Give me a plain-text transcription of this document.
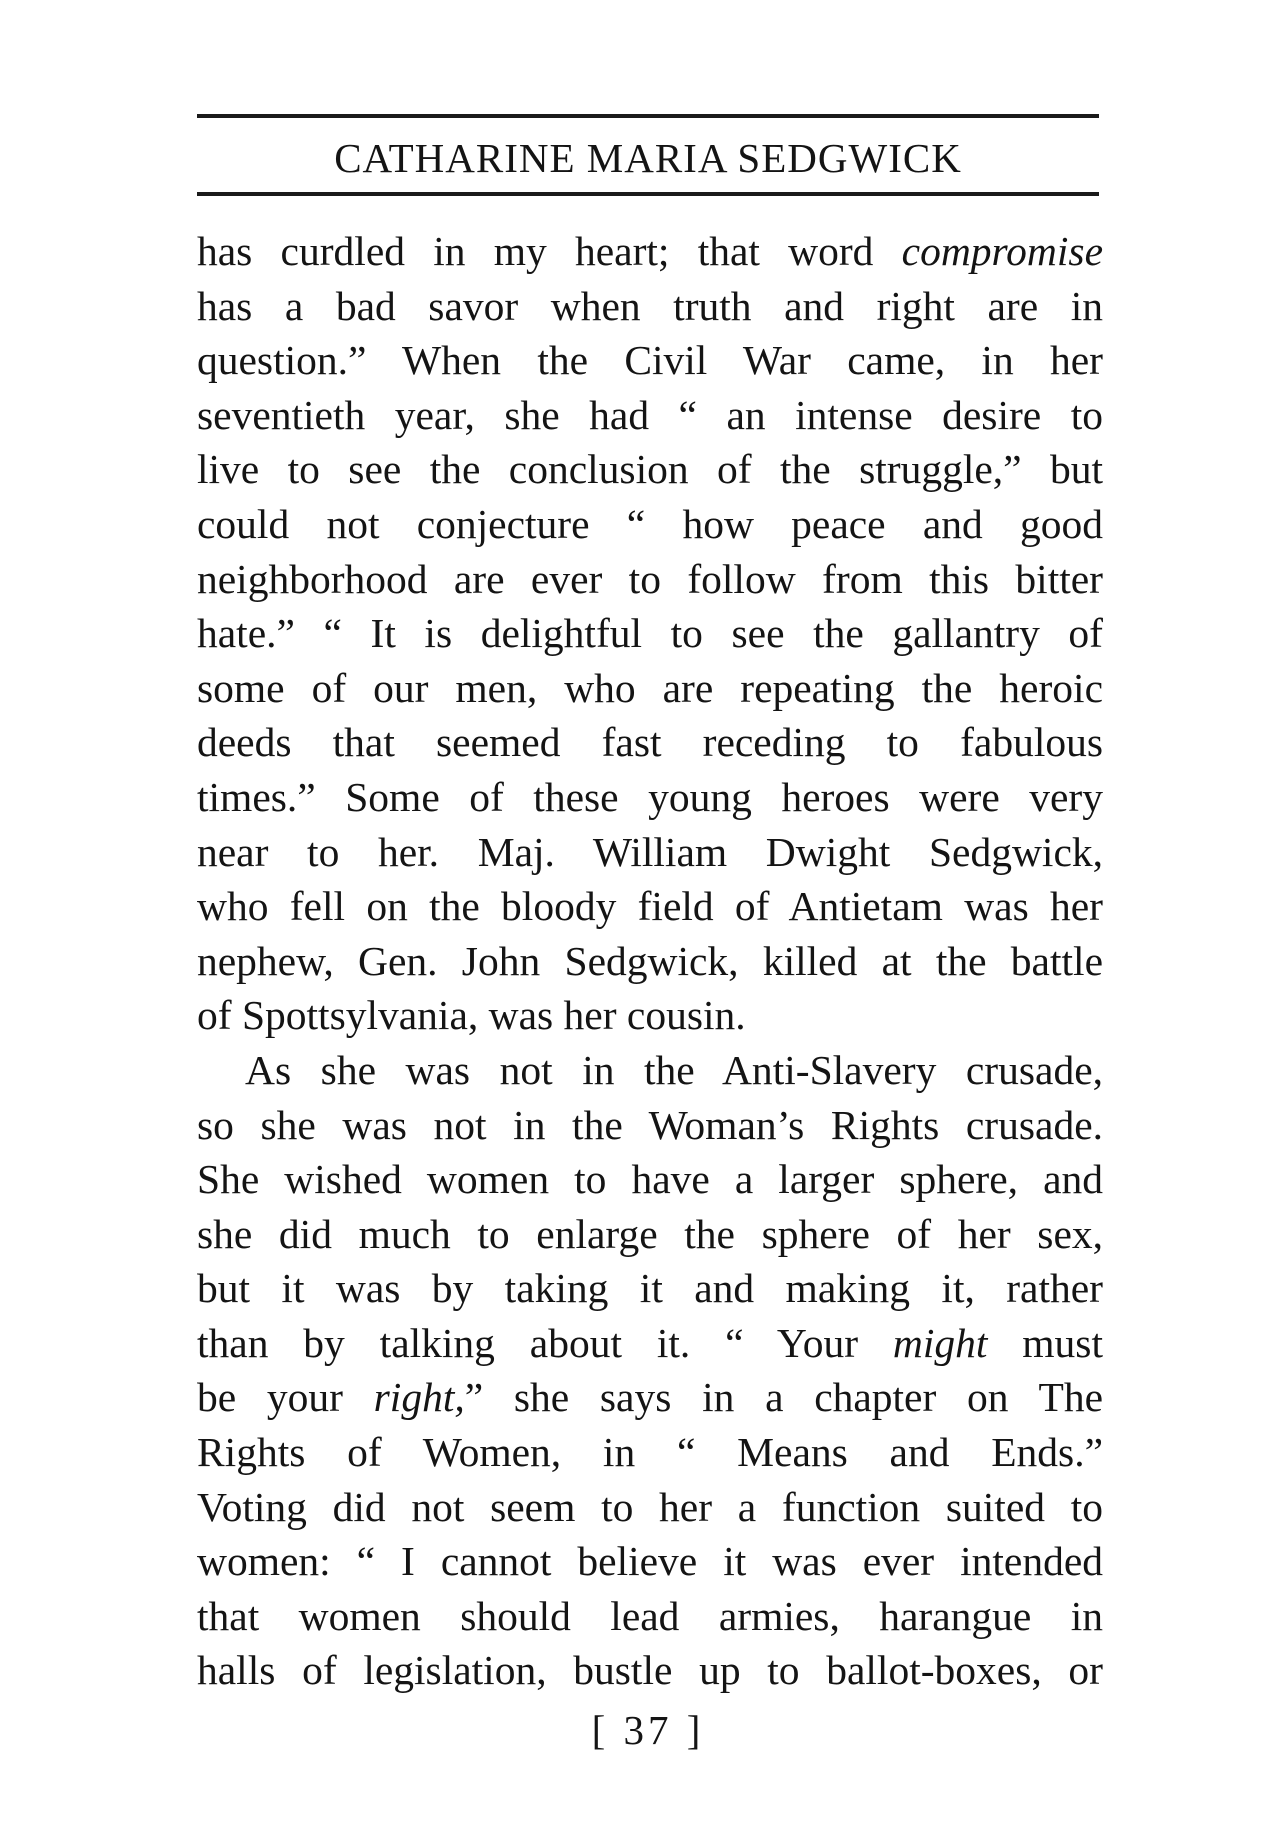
CATHARINE MARIA SEDGWICK
has curdled in my heart; that word compromise
has a bad savor when truth and right are in
question.” When the Civil War came, in her
seventieth year, she had “ an intense desire to
live to see the conclusion of the struggle,” but
could not conjecture “ how peace and good
neighborhood are ever to follow from this bitter
hate.” “ It is delightful to see the gallantry of
some of our men, who are repeating the heroic
deeds that seemed fast receding to fabulous
times.” Some of these young heroes were very
near to her. Maj. William Dwight Sedgwick,
who fell on the bloody field of Antietam was her
nephew, Gen. John Sedgwick, killed at the battle
of Spottsylvania, was her cousin.
As she was not in the Anti-Slavery crusade,
so she was not in the Woman’s Rights crusade.
She wished women to have a larger sphere, and
she did much to enlarge the sphere of her sex,
but it was by taking it and making it, rather
than by talking about it. “ Your might must
be your right,” she says in a chapter on The
Rights of Women, in “ Means and Ends.”
Voting did not seem to her a function suited to
women: “ I cannot believe it was ever intended
that women should lead armies, harangue in
halls of legislation, bustle up to ballot-boxes, or
[ 37 ]
